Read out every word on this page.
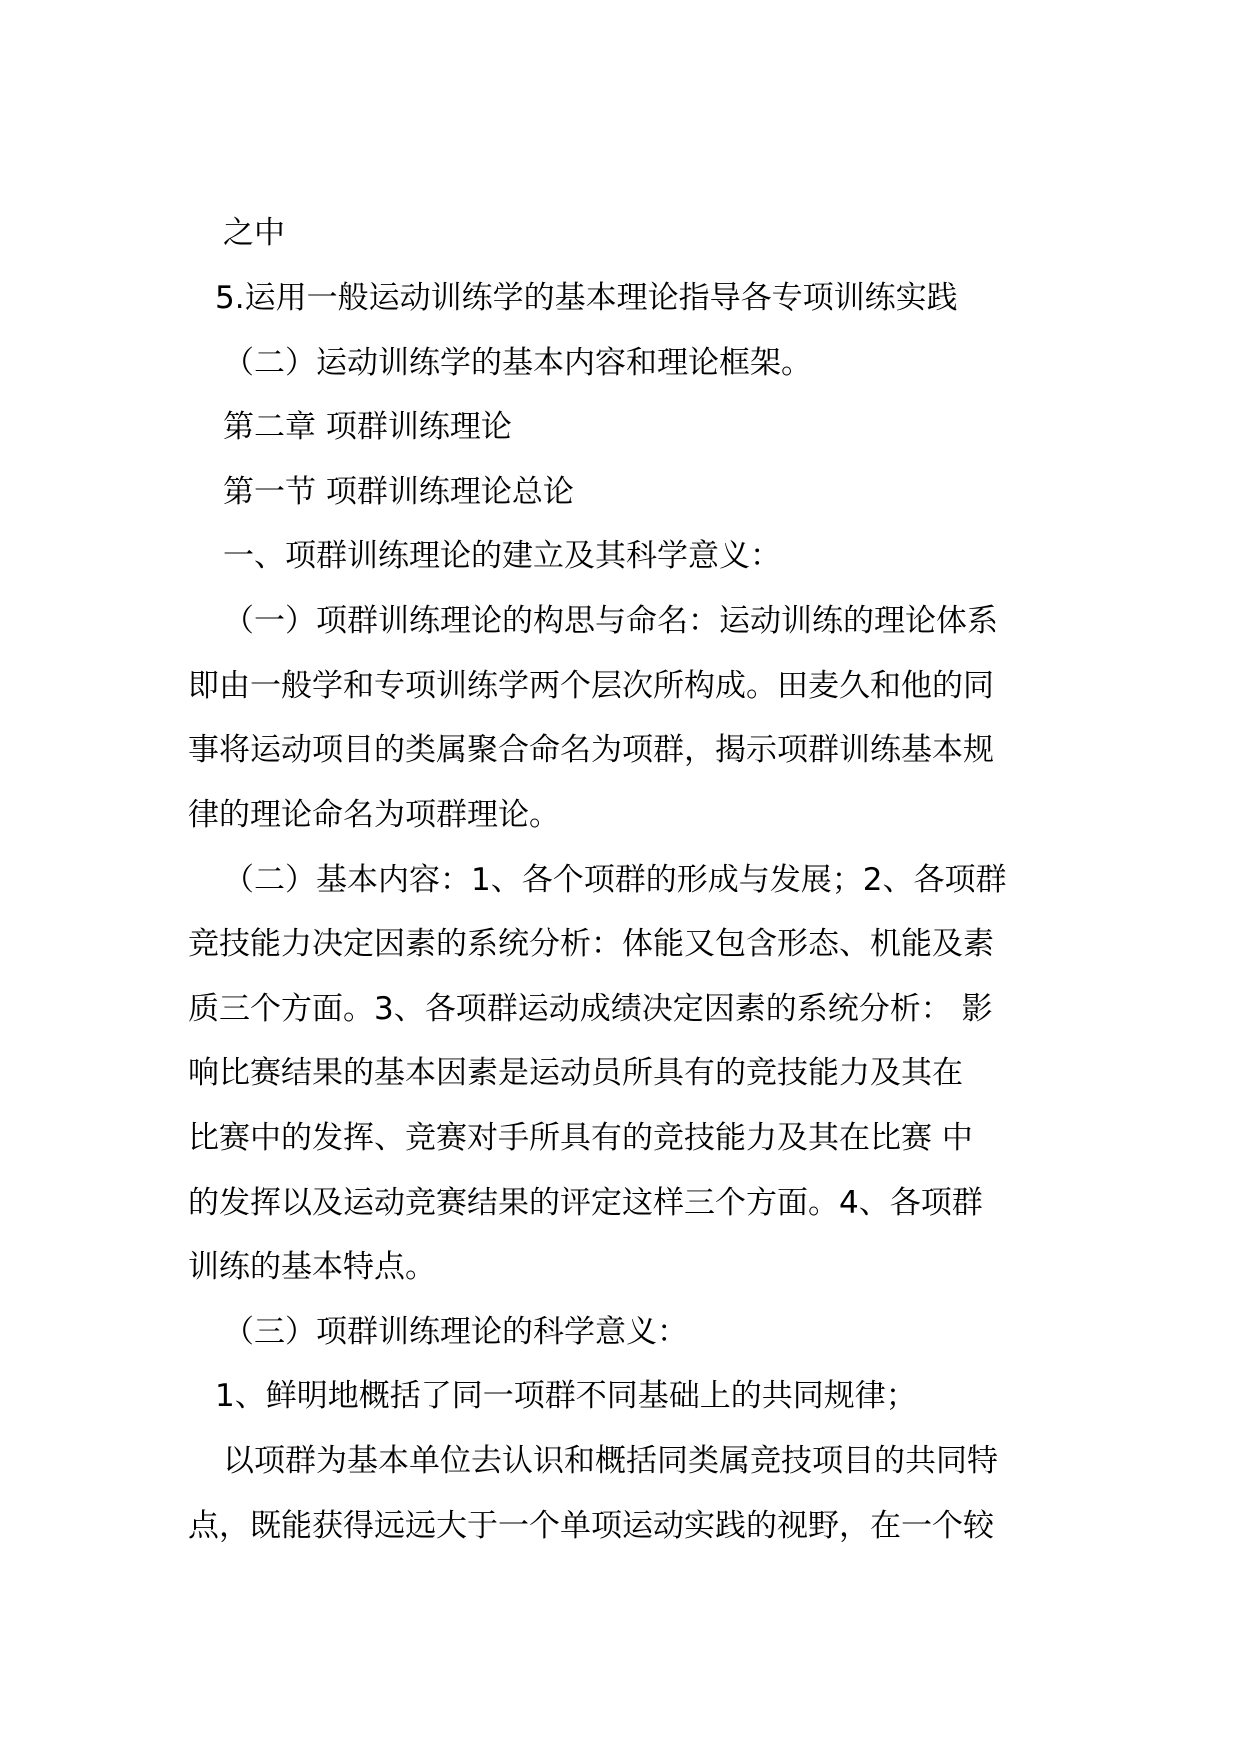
之中
5.运用一般运动训练学的基本理论指导各专项训练实践
（二）运动训练学的基本内容和理论框架。
第二章 项群训练理论
第一节 项群训练理论总论
一、项群训练理论的建立及其科学意义：
（一）项群训练理论的构思与命名：运动训练的理论体系
即由一般学和专项训练学两个层次所构成。田麦久和他的同
事将运动项目的类属聚合命名为项群，揭示项群训练基本规
律的理论命名为项群理论。
（二）基本内容：1、各个项群的形成与发展；2、各项群
竞技能力决定因素的系统分析：体能又包含形态、机能及素
质三个方面。3、各项群运动成绩决定因素的系统分析： 影
响比赛结果的基本因素是运动员所具有的竞技能力及其在
比赛中的发挥、竞赛对手所具有的竞技能力及其在比赛 中
的发挥以及运动竞赛结果的评定这样三个方面。4、各项群
训练的基本特点。
（三）项群训练理论的科学意义：
1、鲜明地概括了同一项群不同基础上的共同规律；
以项群为基本单位去认识和概括同类属竞技项目的共同特
点，既能获得远远大于一个单项运动实践的视野，在一个较
